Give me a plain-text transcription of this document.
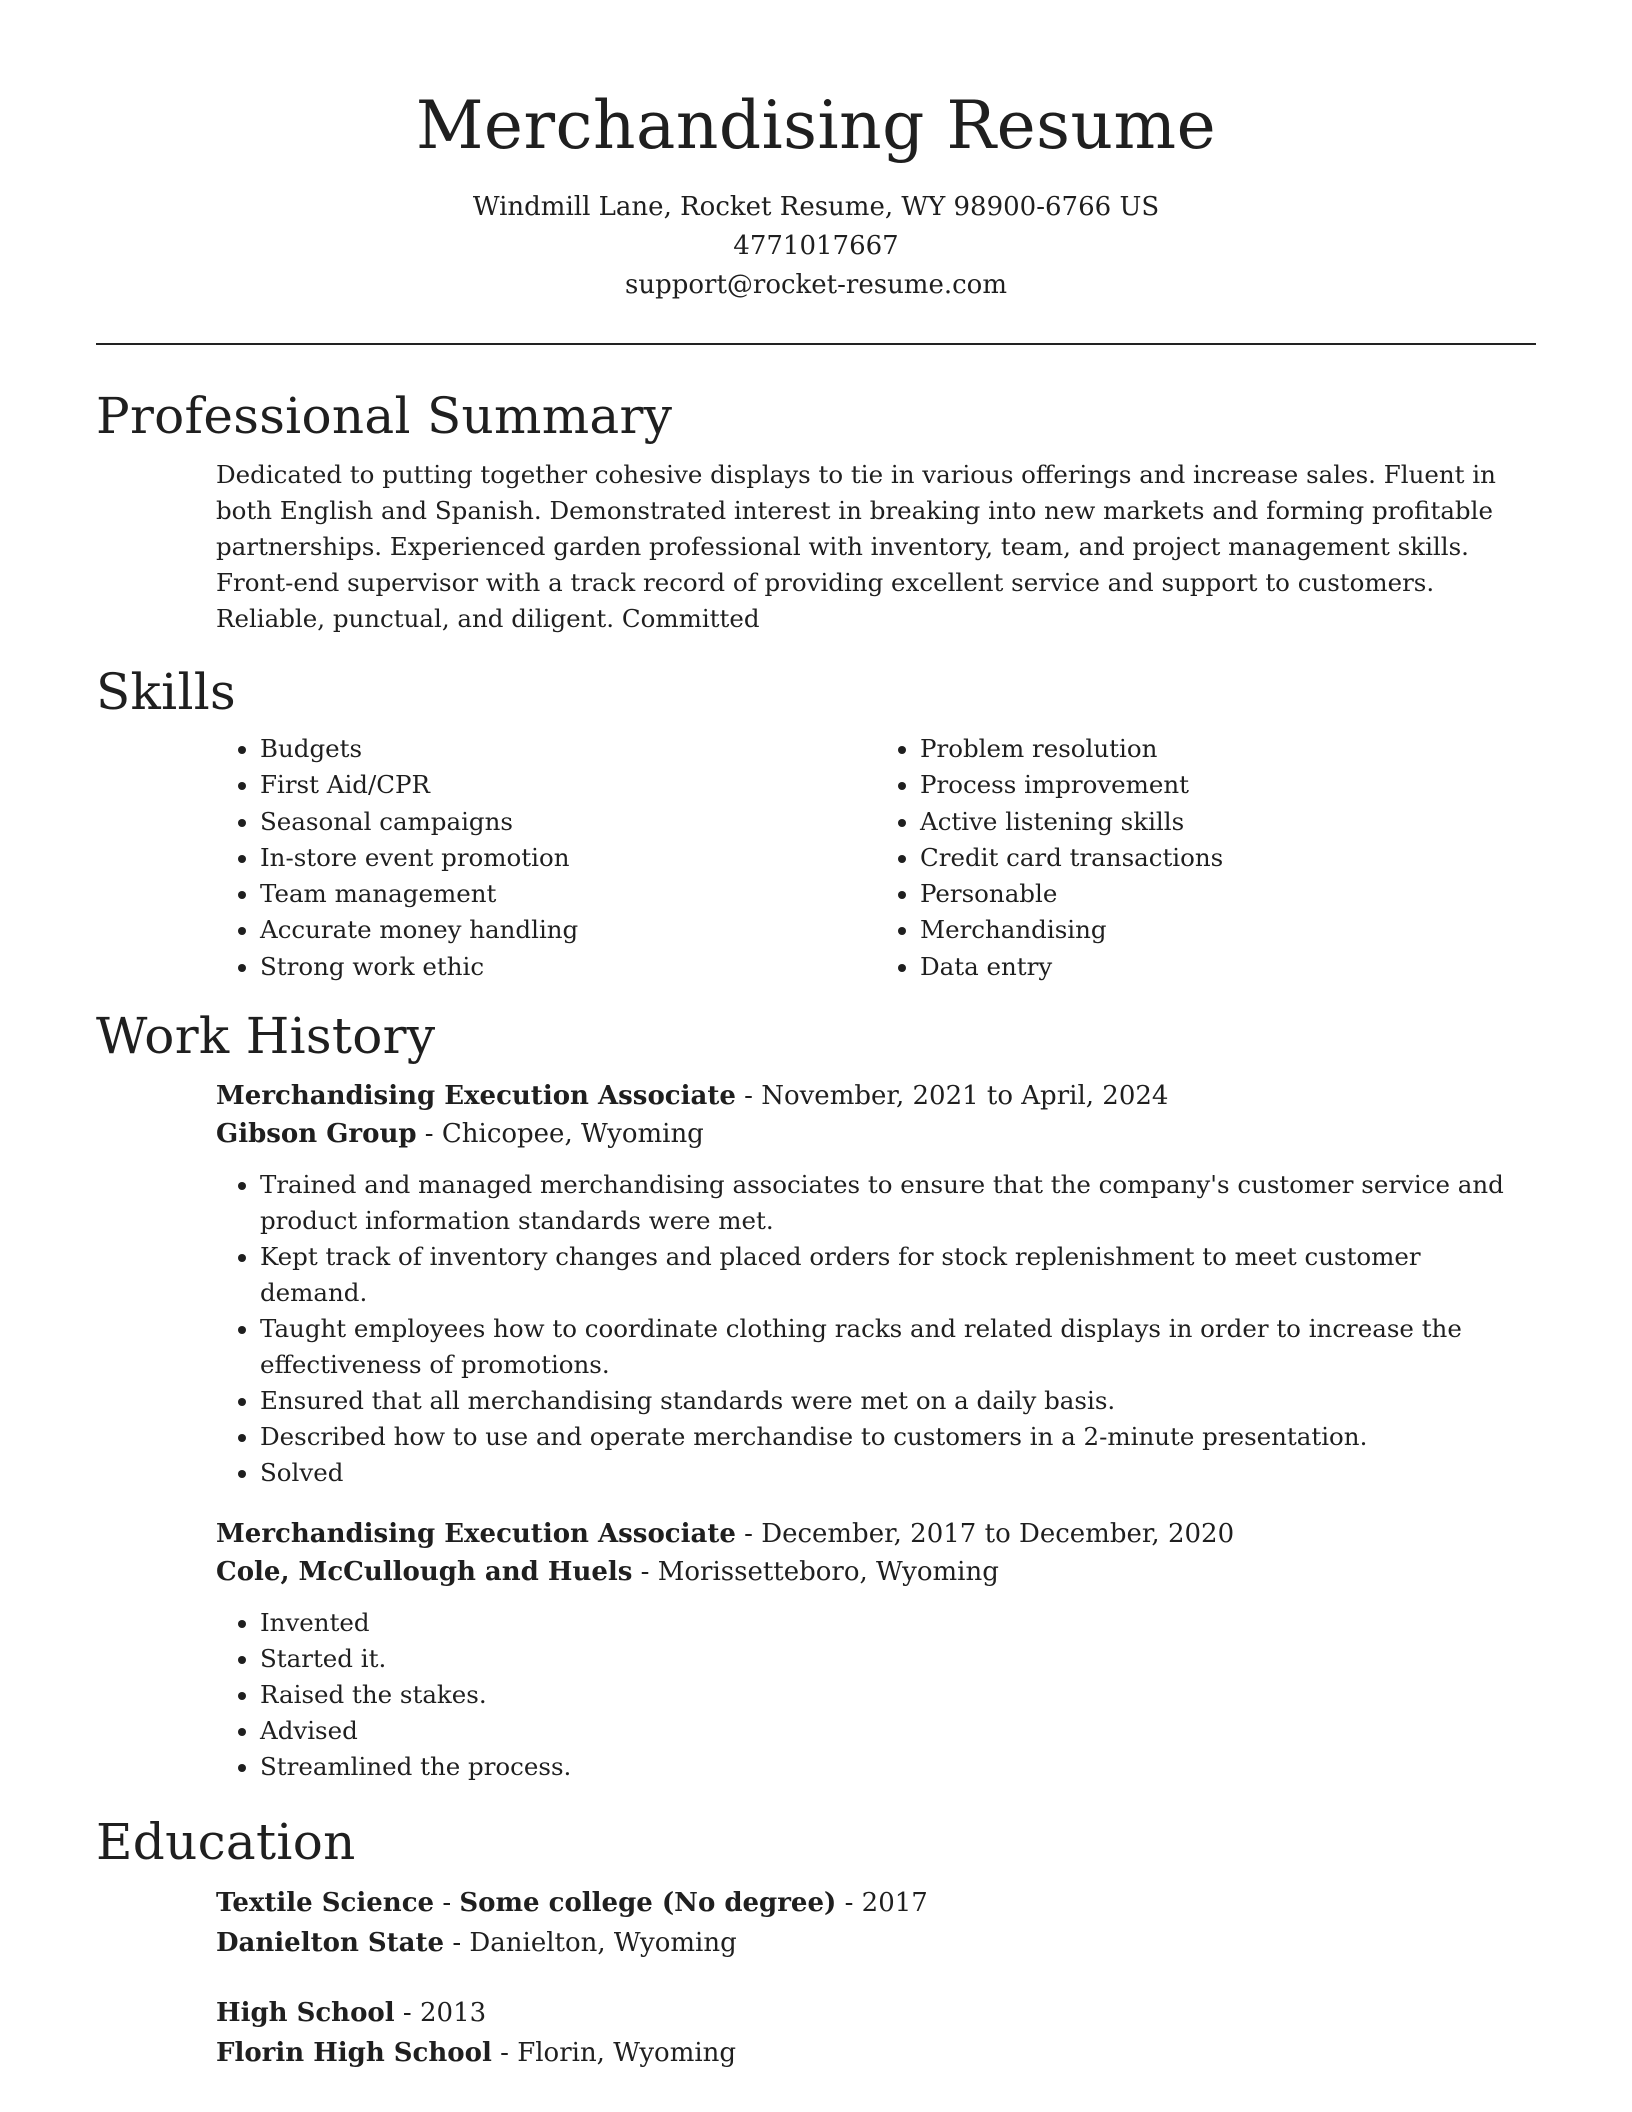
Merchandising Resume
Windmill Lane, Rocket Resume, WY 98900-6766 US
4771017667
support@rocket-resume.com
Professional Summary
Dedicated to putting together cohesive displays to tie in various offerings and increase sales. Fluent in both English and Spanish. Demonstrated interest in breaking into new markets and forming profitable partnerships. Experienced garden professional with inventory, team, and project management skills. Front-end supervisor with a track record of providing excellent service and support to customers. Reliable, punctual, and diligent. Committed
Skills
• Budgets
• First Aid/CPR
• Seasonal campaigns
• In-store event promotion
• Team management
• Accurate money handling
• Strong work ethic
• Problem resolution
• Process improvement
• Active listening skills
• Credit card transactions
• Personable
• Merchandising
• Data entry
Work History
Merchandising Execution Associate - November, 2021 to April, 2024
Gibson Group - Chicopee, Wyoming
• Trained and managed merchandising associates to ensure that the company's customer service and product information standards were met.
• Kept track of inventory changes and placed orders for stock replenishment to meet customer demand.
• Taught employees how to coordinate clothing racks and related displays in order to increase the effectiveness of promotions.
• Ensured that all merchandising standards were met on a daily basis.
• Described how to use and operate merchandise to customers in a 2-minute presentation.
• Solved
Merchandising Execution Associate - December, 2017 to December, 2020
Cole, McCullough and Huels - Morissetteboro, Wyoming
• Invented
• Started it.
• Raised the stakes.
• Advised
• Streamlined the process.
Education
Textile Science - Some college (No degree) - 2017
Danielton State - Danielton, Wyoming
High School - 2013
Florin High School - Florin, Wyoming
